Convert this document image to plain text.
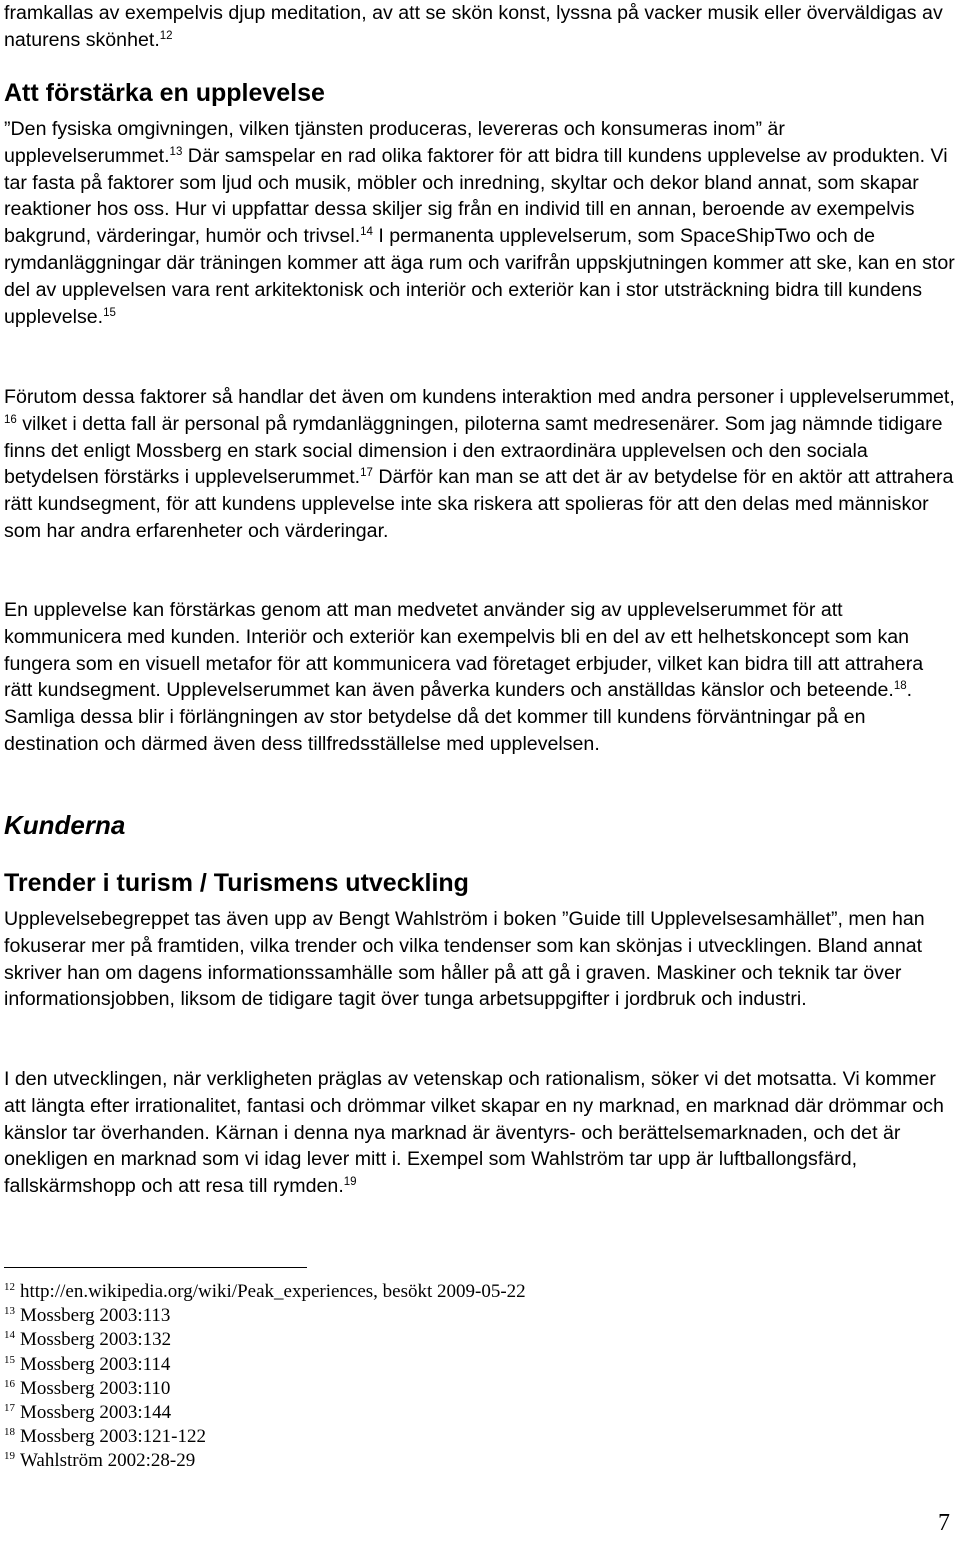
framkallas av exempelvis djup meditation, av att se skön konst, lyssna på vacker musik eller överväldigas av naturens skönhet.$^{12}$

Att förstärka en upplevelse

”Den fysiska omgivningen, vilken tjänsten produceras, levereras och konsumeras inom” är upplevelserummet.$^{13}$ Där samspelar en rad olika faktorer för att bidra till kundens upplevelse av produkten. Vi tar fasta på faktorer som ljud och musik, möbler och inredning, skyltar och dekor bland annat, som skapar reaktioner hos oss. Hur vi uppfattar dessa skiljer sig från en individ till en annan, beroende av exempelvis bakgrund, värderingar, humör och trivsel.$^{14}$ I permanenta upplevelserum, som SpaceShipTwo och de rymdanläggningar där träningen kommer att äga rum och varifrån uppskjutningen kommer att ske, kan en stor del av upplevelsen vara rent arkitektonisk och interiör och exteriör kan i stor utsträckning bidra till kundens upplevelse.$^{15}$

Förutom dessa faktorer så handlar det även om kundens interaktion med andra personer i upplevelserummet, $^{16}$ vilket i detta fall är personal på rymdanläggningen, piloterna samt medresenärer. Som jag nämnde tidigare finns det enligt Mossberg en stark social dimension i den extraordinära upplevelsen och den sociala betydelsen förstärks i upplevelserummet.$^{17}$ Därför kan man se att det är av betydelse för en aktör att attrahera rätt kundsegment, för att kundens upplevelse inte ska riskera att spolieras för att den delas med människor som har andra erfarenheter och värderingar.

En upplevelse kan förstärkas genom att man medvetet använder sig av upplevelserummet för att kommunicera med kunden. Interiör och exteriör kan exempelvis bli en del av ett helhetskoncept som kan fungera som en visuell metafor för att kommunicera vad företaget erbjuder, vilket kan bidra till att attrahera rätt kundsegment. Upplevelserummet kan även påverka kunders och anställdas känslor och beteende.$^{18}$. Samliga dessa blir i förlängningen av stor betydelse då det kommer till kundens förväntningar på en destination och därmed även dess tillfredsställelse med upplevelsen.

Kunderna
Trender i turism / Turismens utveckling

Upplevelsebegreppet tas även upp av Bengt Wahlström i boken ”Guide till Upplevelsesamhället”, men han fokuserar mer på framtiden, vilka trender och vilka tendenser som kan skönjas i utvecklingen. Bland annat skriver han om dagens informationssamhälle som håller på att gå i graven. Maskiner och teknik tar över informationsjobben, liksom de tidigare tagit över tunga arbetsuppgifter i jordbruk och industri.

I den utvecklingen, när verkligheten präglas av vetenskap och rationalism, söker vi det motsatta. Vi kommer att längta efter irrationalitet, fantasi och drömmar vilket skapar en ny marknad, en marknad där drömmar och känslor tar överhanden. Kärnan i denna nya marknad är äventyrs- och berättelsemarknaden, och det är onekligen en marknad som vi idag lever mitt i. Exempel som Wahlström tar upp är luftballongsfärd, fallskärmshopp och att resa till rymden.$^{19}$

$^{12}$ http://en.wikipedia.org/wiki/Peak_experiences, besökt 2009-05-22
$^{13}$ Mossberg 2003:113
$^{14}$ Mossberg 2003:132
$^{15}$ Mossberg 2003:114
$^{16}$ Mossberg 2003:110
$^{17}$ Mossberg 2003:144
$^{18}$ Mossberg 2003:121-122
$^{19}$ Wahlström 2002:28-29
7
